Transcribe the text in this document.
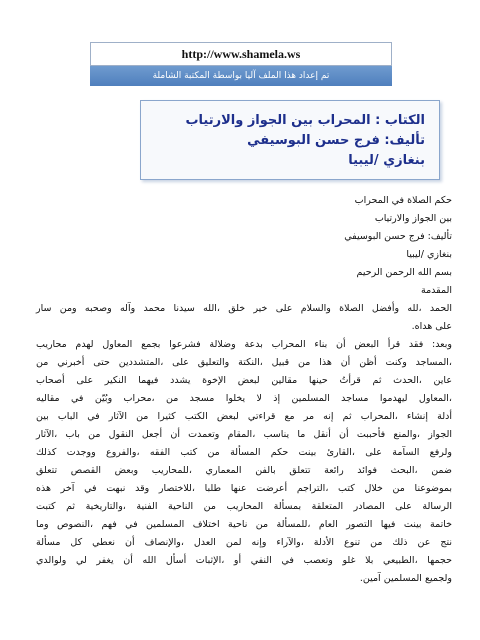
http://www.shamela.ws
تم إعداد هذا الملف آليا بواسطة المكتبة الشاملة
الكتاب : المحراب بين الجواز والارتياب
تأليف: فرج حسن البوسيفي
بنغازي /ليبيا
حكم الصلاة في المحراب
بين الجواز والارتياب
تأليف: فرج حسن البوسيفي
بنغازي /ليبيا
بسم الله الرحمن الرحيم
المقدمة
الحمد ،لله وأفضل الصلاة والسلام على خير خلق ،الله سيدنا محمد وآله وصحبه ومن سار
على هداه.
وبعد: فقد قرأ البعض أن بناء المحراب بدعة وضلالة فشرعوا بجمع المعاول لهدم محاريب
،المساجد وكنت أظن أن هذا من قبيل ،النكتة والتعليق على ،المتشددين حتى أخبرني من
عاين ،الحدث ثم قرأتُ حينها مقالين لبعض الإخوة يشدد فيهما النكير على أصحاب
،المعاول ليهدموا مساجد المسلمين إذ لا يخلوا مسجد من ،محراب وبُيّن في مقاليه
أدلة إنشاء ،المحراب ثم إنه مر مع قراءتي لبعض الكتب كثيرا من الآثار في الباب بين
الجواز ،والمنع فأحببت أن أنقل ما يناسب ،المقام وتعمدت أن أجعل النقول من باب ،الآثار
ولرفع السآمة على ،القارئ بينت حكم المسألة من كتب الفقه ،والفروع ووجدت كذلك
ضمن ،البحث فوائد رائعة تتعلق بالفن المعماري ،للمحاريب وبعض القصص تتعلق
بموضوعنا من خلال كتب ،التراجم أعرضت عنها طلبا ،للاختصار وقد نبهت في آخر هذه
الرسالة على المصادر المتعلقة بمسألة المحاريب من الناحية الفنية ،والتاريخية ثم كتبت
خاتمة بينت فيها التصور العام ،للمسألة من ناحية اختلاف المسلمين في فهم ،النصوص وما
نتج عن ذلك من تنوع الأدلة ،والآراء وإنه لمن العدل ،والإنصاف أن نعطي كل مسألة
حجمها ،الطبيعي بلا غلو وتعصب في النفي أو ،الإثبات أسأل الله أن يغفر لي ولوالدي
ولجميع المسلمين آمين.
